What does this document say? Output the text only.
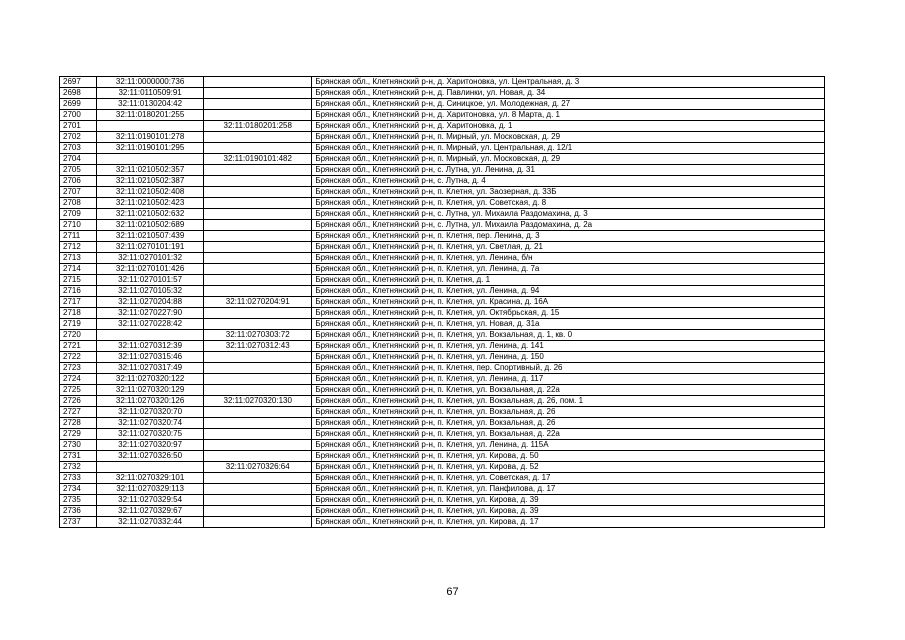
2697	32:11:0000000:736		Брянская обл., Клетнянский р-н, д. Харитоновка, ул. Центральная, д. 3
2698	32:11:0110509:91		Брянская обл., Клетнянский р-н, д. Павлинки, ул. Новая, д. 34
2699	32:11:0130204:42		Брянская обл., Клетнянский р-н, д. Синицкое, ул. Молодежная, д. 27
2700	32:11:0180201:255		Брянская обл., Клетнянский р-н, д. Харитоновка, ул. 8 Марта, д. 1
2701		32:11:0180201:258	Брянская обл., Клетнянский р-н, д. Харитоновка, д. 1
2702	32:11:0190101:278		Брянская обл., Клетнянский р-н, п. Мирный, ул. Московская, д. 29
2703	32:11:0190101:295		Брянская обл., Клетнянский р-н, п. Мирный, ул. Центральная, д. 12/1
2704		32:11:0190101:482	Брянская обл., Клетнянский р-н, п. Мирный, ул. Московская, д. 29
2705	32:11:0210502:357		Брянская обл., Клетнянский р-н, с. Лутна, ул. Ленина, д. 31
2706	32:11:0210502:387		Брянская обл., Клетнянский р-н, с. Лутна, д. 4
2707	32:11:0210502:408		Брянская обл., Клетнянский р-н, п. Клетня, ул. Заозерная, д. 33Б
2708	32:11:0210502:423		Брянская обл., Клетнянский р-н, п. Клетня, ул. Советская, д. 8
2709	32:11:0210502:632		Брянская обл., Клетнянский р-н, с. Лутна, ул. Михаила Раздомахина, д. 3
2710	32:11:0210502:689		Брянская обл., Клетнянский р-н, с. Лутна, ул. Михаила Раздомахина, д. 2а
2711	32:11:0210507:439		Брянская обл., Клетнянский р-н, п. Клетня, пер. Ленина, д. 3
2712	32:11:0270101:191		Брянская обл., Клетнянский р-н, п. Клетня, ул. Светлая, д. 21
2713	32:11:0270101:32		Брянская обл., Клетнянский р-н, п. Клетня, ул. Ленина, б/н
2714	32:11:0270101:426		Брянская обл., Клетнянский р-н, п. Клетня, ул. Ленина, д. 7а
2715	32:11:0270101:57		Брянская обл., Клетнянский р-н, п. Клетня, д. 1
2716	32:11:0270105:32		Брянская обл., Клетнянский р-н, п. Клетня, ул. Ленина, д. 94
2717	32:11:0270204:88	32:11:0270204:91	Брянская обл., Клетнянский р-н, п. Клетня, ул. Красина, д. 16А
2718	32:11:0270227:90		Брянская обл., Клетнянский р-н, п. Клетня, ул. Октябрьская, д. 15
2719	32:11:0270228:42		Брянская обл., Клетнянский р-н, п. Клетня, ул. Новая, д. 31а
2720		32:11:0270303:72	Брянская обл., Клетнянский р-н, п. Клетня, ул. Вокзальная, д. 1, кв. 0
2721	32:11:0270312:39	32:11:0270312:43	Брянская обл., Клетнянский р-н, п. Клетня, ул. Ленина, д. 141
2722	32:11:0270315:46		Брянская обл., Клетнянский р-н, п. Клетня, ул. Ленина, д. 150
2723	32:11:0270317:49		Брянская обл., Клетнянский р-н, п. Клетня, пер. Спортивный, д. 26
2724	32:11:0270320:122		Брянская обл., Клетнянский р-н, п. Клетня, ул. Ленина, д. 117
2725	32:11:0270320:129		Брянская обл., Клетнянский р-н, п. Клетня, ул. Вокзальная, д. 22а
2726	32:11:0270320:126	32:11:0270320:130	Брянская обл., Клетнянский р-н, п. Клетня, ул. Вокзальная, д. 26, пом. 1
2727	32:11:0270320:70		Брянская обл., Клетнянский р-н, п. Клетня, ул. Вокзальная, д. 26
2728	32:11:0270320:74		Брянская обл., Клетнянский р-н, п. Клетня, ул. Вокзальная, д. 26
2729	32:11:0270320:75		Брянская обл., Клетнянский р-н, п. Клетня, ул. Вокзальная, д. 22а
2730	32:11:0270320:97		Брянская обл., Клетнянский р-н, п. Клетня, ул. Ленина, д. 115А
2731	32:11:0270326:50		Брянская обл., Клетнянский р-н, п. Клетня, ул. Кирова, д. 50
2732		32:11:0270326:64	Брянская обл., Клетнянский р-н, п. Клетня, ул. Кирова, д. 52
2733	32:11:0270329:101		Брянская обл., Клетнянский р-н, п. Клетня, ул. Советская, д. 17
2734	32:11:0270329:113		Брянская обл., Клетнянский р-н, п. Клетня, ул. Панфилова, д. 17
2735	32:11:0270329:54		Брянская обл., Клетнянский р-н, п. Клетня, ул. Кирова, д. 39
2736	32:11:0270329:67		Брянская обл., Клетнянский р-н, п. Клетня, ул. Кирова, д. 39
2737	32:11:0270332:44		Брянская обл., Клетнянский р-н, п. Клетня, ул. Кирова, д. 17
67
